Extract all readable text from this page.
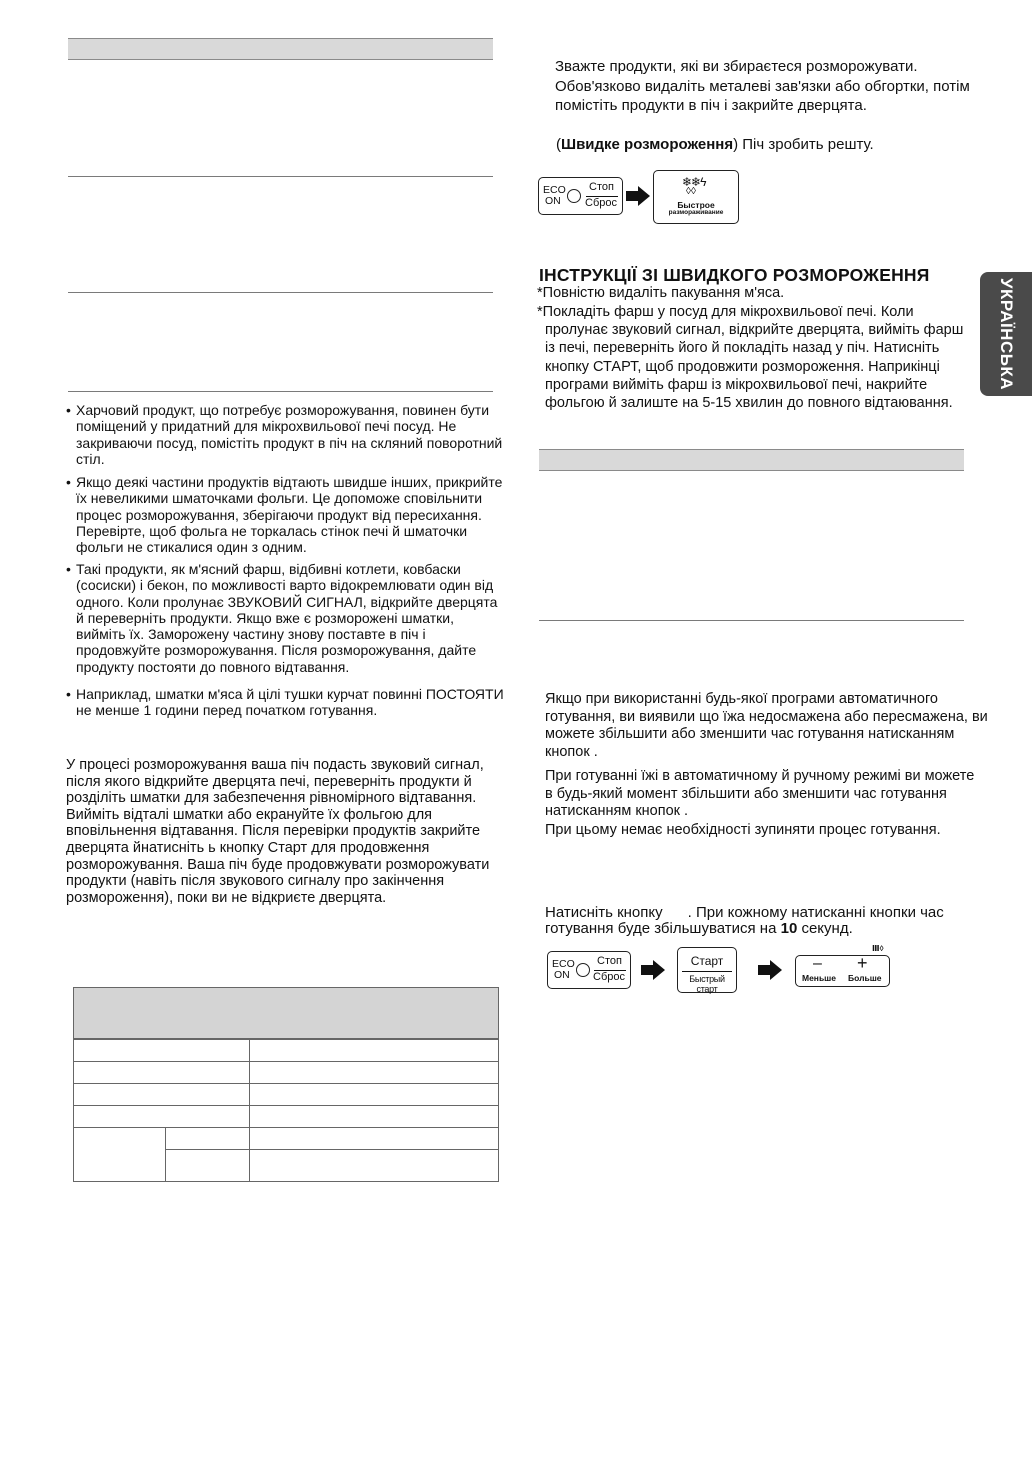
• Харчовий продукт, що потребує розморожування, повинен бути поміщений у придатний для мікрохвильової печі посуд. Не закриваючи посуд, помістіть продукт в піч на скляний поворотний стіл.
• Якщо деякі частини продуктів відтають швидше інших, прикрийте їх невеликими шматочками фольги. Це допоможе сповільнити процес розморожування, зберігаючи продукт від пересихання. Перевірте, щоб фольга не торкалась стінок печі й шматочки фольги не стикалися один з одним.
• Такі продукти, як м'ясний фарш, відбивні котлети, ковбаски (сосиски) і бекон, по можливості варто відокремлювати один від одного. Коли пролунає ЗВУКОВИЙ СИГНАЛ, відкрийте дверцята й переверніть продукти. Якщо вже є розморожені шматки, вийміть їх. Заморожену частину знову поставте в піч і продовжуйте розморожування. Після розморожування, дайте продукту постояти до повного відтавання.
• Наприклад, шматки м'яса й цілі тушки курчат повинні ПОСТОЯТИ не менше 1 години перед початком готування.
У процесі розморожування ваша піч подасть звуковий сигнал, після якого відкрийте дверцята печі, переверніть продукти й розділіть шматки для забезпечення рівномірного відтавання. Вийміть відталі шматки або екрануйте їх фольгою для вповільнення відтавання. Після перевірки продуктів закрийте дверцята йнатисніть ь кнопку Старт для продовження розморожування. Ваша піч буде продовжувати розморожувати продукти (навіть після звукового сигналу про закінчення розмороження), поки ви не відкриєте дверцята.

Зважте продукти, які ви збираєтеся розморожувати. Обов'язково видаліть металеві зав'язки або обгортки, потім помістіть продукти в піч і закрийте дверцята.
(Швидке розмороження) Піч зробить решту.
ECO
ON
Стоп
Сброс
❄❄ϟ
◊◊
Быстрое
размораживание
ІНСТРУКЦІЇ ЗІ ШВИДКОГО РОЗМОРОЖЕННЯ
*Повністю видаліть пакування м'яса.
*Покладіть фарш у посуд для мікрохвильової печі. Коли пролунає звуковий сигнал, відкрийте дверцята, вийміть фарш із печі, переверніть його й покладіть назад у піч. Натисніть кнопку СТАРТ, щоб продовжити розмороження. Наприкінці програми вийміть фарш із мікрохвильової печі, накрийте фольгою й залиште на 5-15 хвилин до повного відтаювання.
УКРАЇНСЬКА
Якщо при використанні будь-якої програми автоматичного готування, ви виявили що їжа недосмажена або пересмажена, ви можете збільшити або зменшити час готування натисканням кнопок .
При готуванні їжі в автоматичному й ручному режимі ви можете в будь-який момент збільшити або зменшити час готування натисканням кнопок .
При цьому немає необхідності зупиняти процес готування.
Натисніть кнопку . При кожному натисканні кнопки час готування буде збільшуватися на 10 секунд.
ECO
ON
Стоп
Сброс
Старт
Быстрый старт
Ⅲ◊
– +
Меньше Больше
